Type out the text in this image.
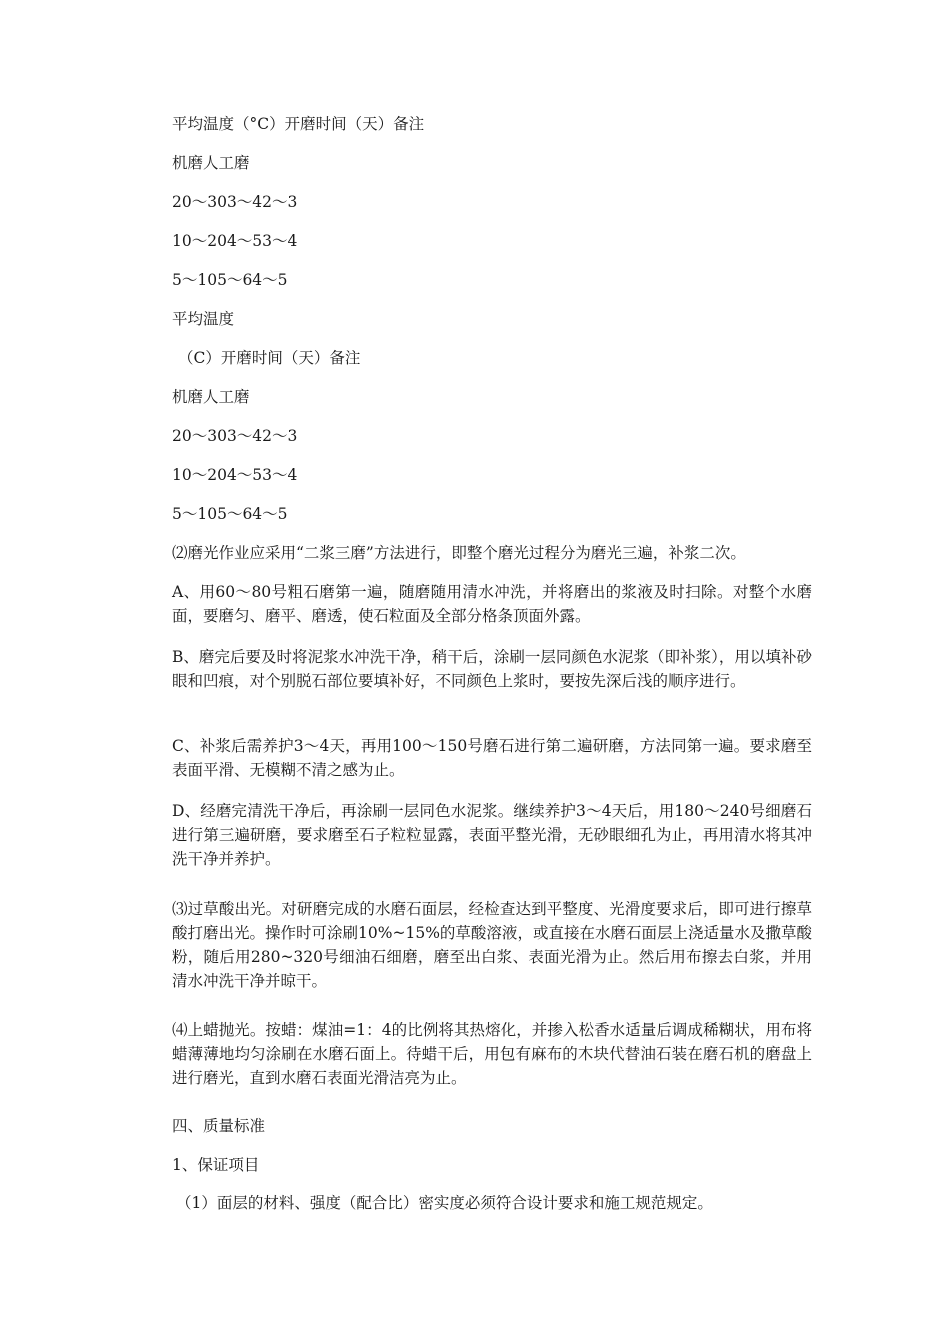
平均温度（°C）开磨时间（天）备注
机磨人工磨
20～303～42～3
10～204～53～4
5～105～64～5
平均温度
（C）开磨时间（天）备注
机磨人工磨
20～303～42～3
10～204～53～4
5～105～64～5
⑵磨光作业应采用“二浆三磨”方法进行，即整个磨光过程分为磨光三遍，补浆二次。
A、用60～80号粗石磨第一遍，随磨随用清水冲洗，并将磨出的浆液及时扫除。对整个水磨面，要磨匀、磨平、磨透，使石粒面及全部分格条顶面外露。
B、磨完后要及时将泥浆水冲洗干净，稍干后，涂刷一层同颜色水泥浆（即补浆），用以填补砂眼和凹痕，对个别脱石部位要填补好，不同颜色上浆时，要按先深后浅的顺序进行。
C、补浆后需养护3～4天，再用100～150号磨石进行第二遍研磨，方法同第一遍。要求磨至表面平滑、无模糊不清之感为止。
D、经磨完清洗干净后，再涂刷一层同色水泥浆。继续养护3～4天后，用180～240号细磨石进行第三遍研磨，要求磨至石子粒粒显露，表面平整光滑，无砂眼细孔为止，再用清水将其冲洗干净并养护。
⑶过草酸出光。对研磨完成的水磨石面层，经检查达到平整度、光滑度要求后，即可进行擦草酸打磨出光。操作时可涂刷10%~15%的草酸溶液，或直接在水磨石面层上浇适量水及撒草酸粉，随后用280~320号细油石细磨，磨至出白浆、表面光滑为止。然后用布擦去白浆，并用清水冲洗干净并晾干。
⑷上蜡抛光。按蜡：煤油=1：4的比例将其热熔化，并掺入松香水适量后调成稀糊状，用布将蜡薄薄地均匀涂刷在水磨石面上。待蜡干后，用包有麻布的木块代替油石装在磨石机的磨盘上进行磨光，直到水磨石表面光滑洁亮为止。
四、质量标准
1、保证项目
（1）面层的材料、强度（配合比）密实度必须符合设计要求和施工规范规定。
